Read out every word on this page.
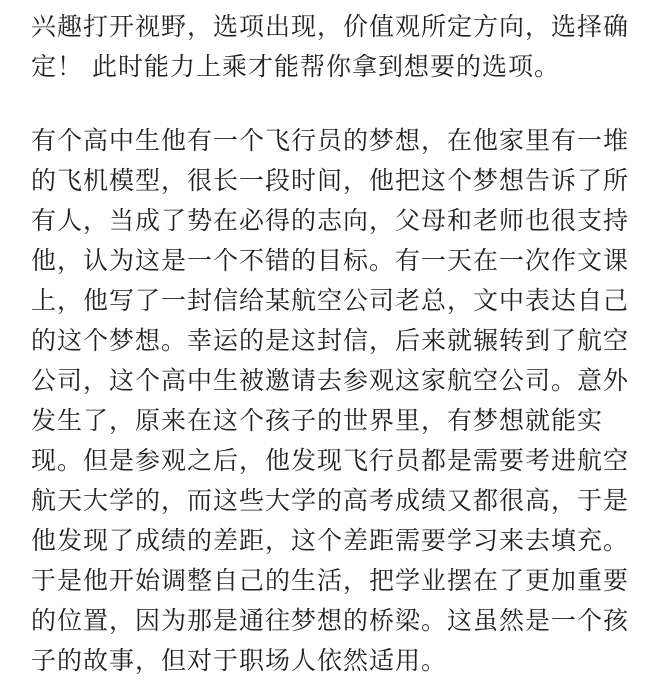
兴趣打开视野，选项出现，价值观所定方向，选择确
定！ 此时能力上乘才能帮你拿到想要的选项。

有个高中生他有一个飞行员的梦想，在他家里有一堆
的飞机模型，很长一段时间，他把这个梦想告诉了所
有人，当成了势在必得的志向，父母和老师也很支持
他，认为这是一个不错的目标。有一天在一次作文课
上，他写了一封信给某航空公司老总，文中表达自己
的这个梦想。幸运的是这封信，后来就辗转到了航空
公司，这个高中生被邀请去参观这家航空公司。意外
发生了，原来在这个孩子的世界里，有梦想就能实
现。但是参观之后，他发现飞行员都是需要考进航空
航天大学的，而这些大学的高考成绩又都很高，于是
他发现了成绩的差距，这个差距需要学习来去填充。
于是他开始调整自己的生活，把学业摆在了更加重要
的位置，因为那是通往梦想的桥梁。这虽然是一个孩
子的故事，但对于职场人依然适用。
